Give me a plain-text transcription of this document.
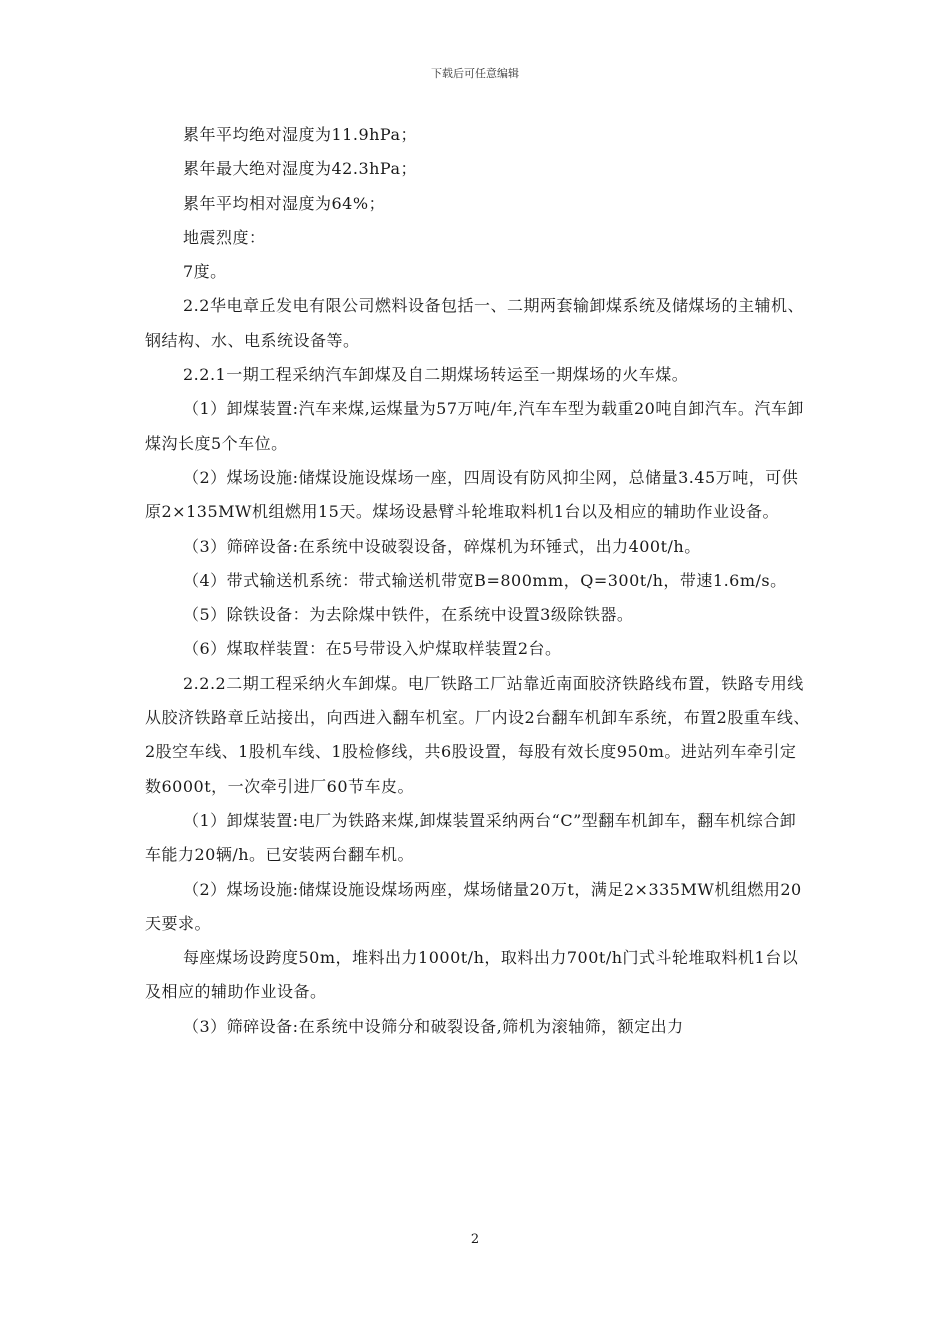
下载后可任意编辑

累年平均绝对湿度为11.9hPa；

累年最大绝对湿度为42.3hPa；

累年平均相对湿度为64%；

地震烈度：

7度。

2.2华电章丘发电有限公司燃料设备包括一、二期两套输卸煤系统及储煤场的主辅机、钢结构、水、电系统设备等。

2.2.1一期工程采纳汽车卸煤及自二期煤场转运至一期煤场的火车煤。

（1）卸煤装置:汽车来煤,运煤量为57万吨/年,汽车车型为载重20吨自卸汽车。汽车卸煤沟长度5个车位。

（2）煤场设施:储煤设施设煤场一座，四周设有防风抑尘网，总储量3.45万吨，可供原2×135MW机组燃用15天。煤场设悬臂斗轮堆取料机1台以及相应的辅助作业设备。

（3）筛碎设备:在系统中设破裂设备，碎煤机为环锤式，出力400t/h。

（4）带式输送机系统：带式输送机带宽B=800mm，Q=300t/h，带速1.6m/s。

（5）除铁设备：为去除煤中铁件，在系统中设置3级除铁器。

（6）煤取样装置：在5号带设入炉煤取样装置2台。

2.2.2二期工程采纳火车卸煤。电厂铁路工厂站靠近南面胶济铁路线布置，铁路专用线从胶济铁路章丘站接出，向西进入翻车机室。厂内设2台翻车机卸车系统，布置2股重车线、2股空车线、1股机车线、1股检修线，共6股设置，每股有效长度950m。进站列车牵引定数6000t，一次牵引进厂60节车皮。

（1）卸煤装置:电厂为铁路来煤,卸煤装置采纳两台“C”型翻车机卸车，翻车机综合卸车能力20辆/h。已安装两台翻车机。

（2）煤场设施:储煤设施设煤场两座，煤场储量20万t，满足2×335MW机组燃用20天要求。

每座煤场设跨度50m，堆料出力1000t/h，取料出力700t/h门式斗轮堆取料机1台以及相应的辅助作业设备。

（3）筛碎设备:在系统中设筛分和破裂设备,筛机为滚轴筛，额定出力

2
